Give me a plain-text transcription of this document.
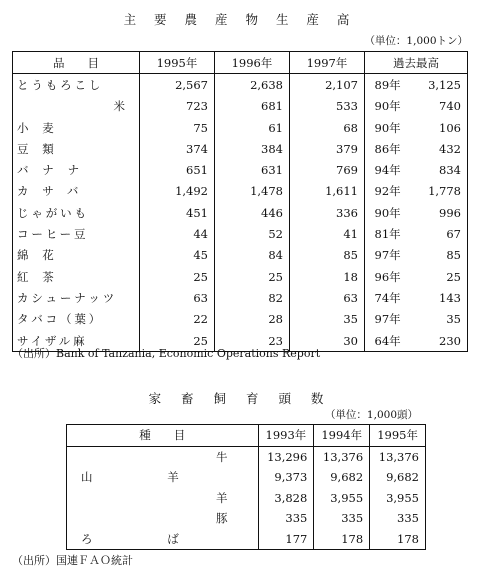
主 要 農 産 物 生 産 高
（単位：1,000トン）
品　　目	1995年	1996年	1997年	過去最高	
とうもろこし	2,567	2,638	2,107	89年	3,125
米	723	681	533	90年	740
小麦	75	61	68	90年	106
豆類	374	384	379	86年	432
バナナ	651	631	769	94年	834
カサバ	1,492	1,478	1,611	92年	1,778
じゃがいも	451	446	336	90年	996
コーヒー豆	44	52	41	81年	67
綿花	45	84	85	97年	85
紅茶	25	25	18	96年	25
カシューナッツ	63	82	63	74年	143
タバコ（葉）	22	28	35	97年	35
サイザル麻	25	23	30	64年	230
（出所）Bank of Tanzania, Economic Operations Report
家 畜 飼 育 頭 数
（単位：1,000頭）
種　　目	1993年	1994年	1995年
牛	13,296	13,376	13,376
山羊	9,373	9,682	9,682
羊	3,828	3,955	3,955
豚	335	335	335
ろば	177	178	178
（出所）国連ＦＡＯ統計
